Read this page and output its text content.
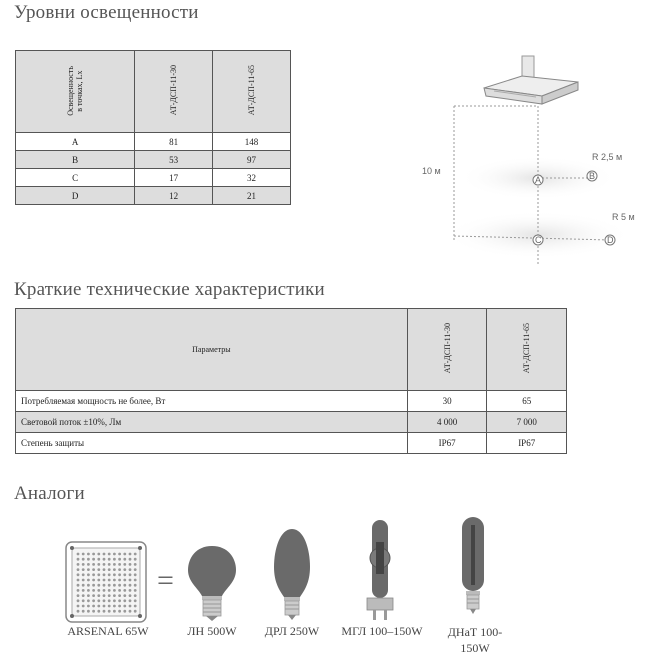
Уровни освещенности
Освещенность
в точках, Lx	АТ-ДСП-11-30	АТ-ДСП-11-65
A	81	148
B	53	97
C	17	32
D	12	21
10 м
R 2,5 м
R 5 м
A	B
C	D
Краткие технические характеристики
Параметры	АТ-ДСП-11-30	АТ-ДСП-11-65
Потребляемая мощность не более, Вт	30	65
Световой поток ±10%, Лм	4 000	7 000
Степень защиты	IP67	IP67
Аналоги
=
ARSENAL 65W	ЛН 500W	ДРЛ 250W	МГЛ 100–150W	ДНаТ 100-
150W
